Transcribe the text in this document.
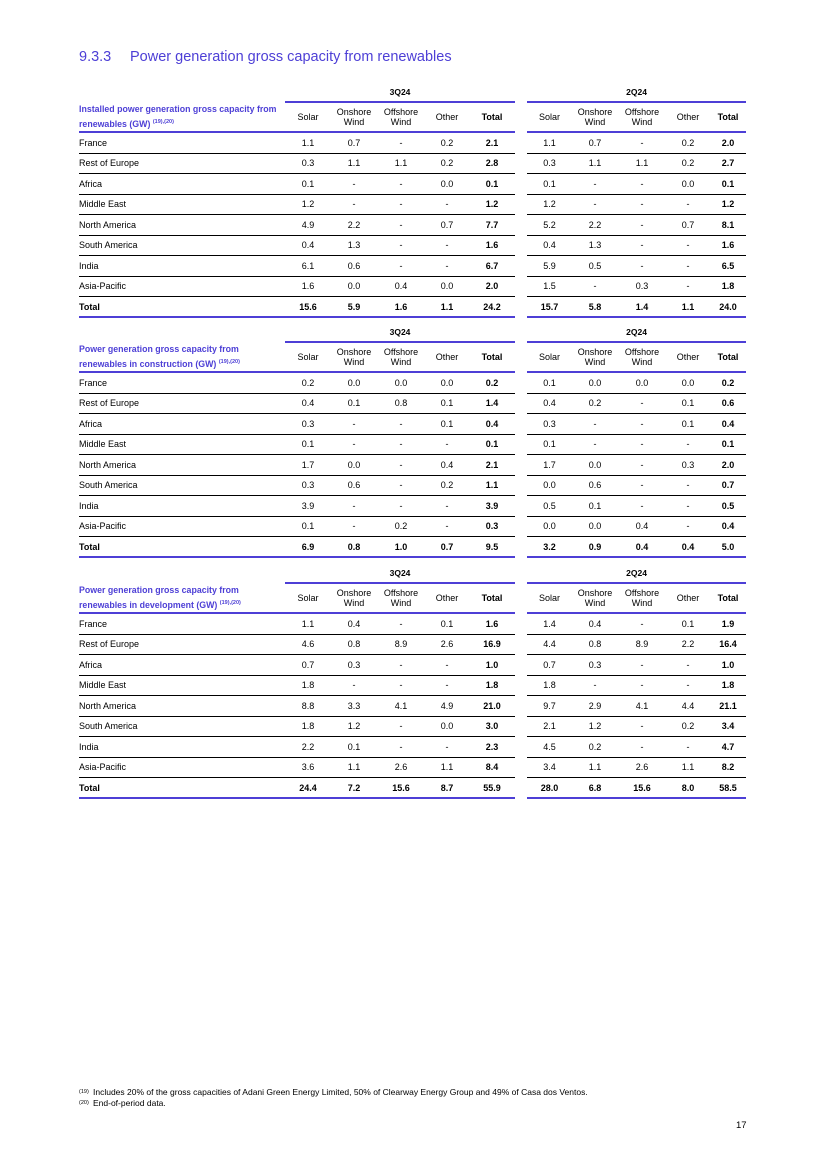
9.3.3 Power generation gross capacity from renewables
	3Q24						2Q24				
Installed power generation gross capacity from renewables (GW) $^{(19),(20)}$	Solar	Onshore Wind	Offshore Wind	Other	Total		Solar	Onshore Wind	Offshore Wind	Other	Total
France	1.1	0.7	-	0.2	2.1		1.1	0.7	-	0.2	2.0
Rest of Europe	0.3	1.1	1.1	0.2	2.8		0.3	1.1	1.1	0.2	2.7
Africa	0.1	-	-	0.0	0.1		0.1	-	-	0.0	0.1
Middle East	1.2	-	-	-	1.2		1.2	-	-	-	1.2
North America	4.9	2.2	-	0.7	7.7		5.2	2.2	-	0.7	8.1
South America	0.4	1.3	-	-	1.6		0.4	1.3	-	-	1.6
India	6.1	0.6	-	-	6.7		5.9	0.5	-	-	6.5
Asia-Pacific	1.6	0.0	0.4	0.0	2.0		1.5	-	0.3	-	1.8
Total	15.6	5.9	1.6	1.1	24.2		15.7	5.8	1.4	1.1	24.0
	3Q24						2Q24				
Power generation gross capacity from renewables in construction (GW) $^{(19),(20)}$	Solar	Onshore Wind	Offshore Wind	Other	Total		Solar	Onshore Wind	Offshore Wind	Other	Total
France	0.2	0.0	0.0	0.0	0.2		0.1	0.0	0.0	0.0	0.2
Rest of Europe	0.4	0.1	0.8	0.1	1.4		0.4	0.2	-	0.1	0.6
Africa	0.3	-	-	0.1	0.4		0.3	-	-	0.1	0.4
Middle East	0.1	-	-	-	0.1		0.1	-	-	-	0.1
North America	1.7	0.0	-	0.4	2.1		1.7	0.0	-	0.3	2.0
South America	0.3	0.6	-	0.2	1.1		0.0	0.6	-	-	0.7
India	3.9	-	-	-	3.9		0.5	0.1	-	-	0.5
Asia-Pacific	0.1	-	0.2	-	0.3		0.0	0.0	0.4	-	0.4
Total	6.9	0.8	1.0	0.7	9.5		3.2	0.9	0.4	0.4	5.0
	3Q24						2Q24				
Power generation gross capacity from renewables in development (GW) $^{(19),(20)}$	Solar	Onshore Wind	Offshore Wind	Other	Total		Solar	Onshore Wind	Offshore Wind	Other	Total
France	1.1	0.4	-	0.1	1.6		1.4	0.4	-	0.1	1.9
Rest of Europe	4.6	0.8	8.9	2.6	16.9		4.4	0.8	8.9	2.2	16.4
Africa	0.7	0.3	-	-	1.0		0.7	0.3	-	-	1.0
Middle East	1.8	-	-	-	1.8		1.8	-	-	-	1.8
North America	8.8	3.3	4.1	4.9	21.0		9.7	2.9	4.1	4.4	21.1
South America	1.8	1.2	-	0.0	3.0		2.1	1.2	-	0.2	3.4
India	2.2	0.1	-	-	2.3		4.5	0.2	-	-	4.7
Asia-Pacific	3.6	1.1	2.6	1.1	8.4		3.4	1.1	2.6	1.1	8.2
Total	24.4	7.2	15.6	8.7	55.9		28.0	6.8	15.6	8.0	58.5
$^{(19)}$ Includes 20% of the gross capacities of Adani Green Energy Limited, 50% of Clearway Energy Group and 49% of Casa dos Ventos.
$^{(20)}$ End-of-period data.
17
